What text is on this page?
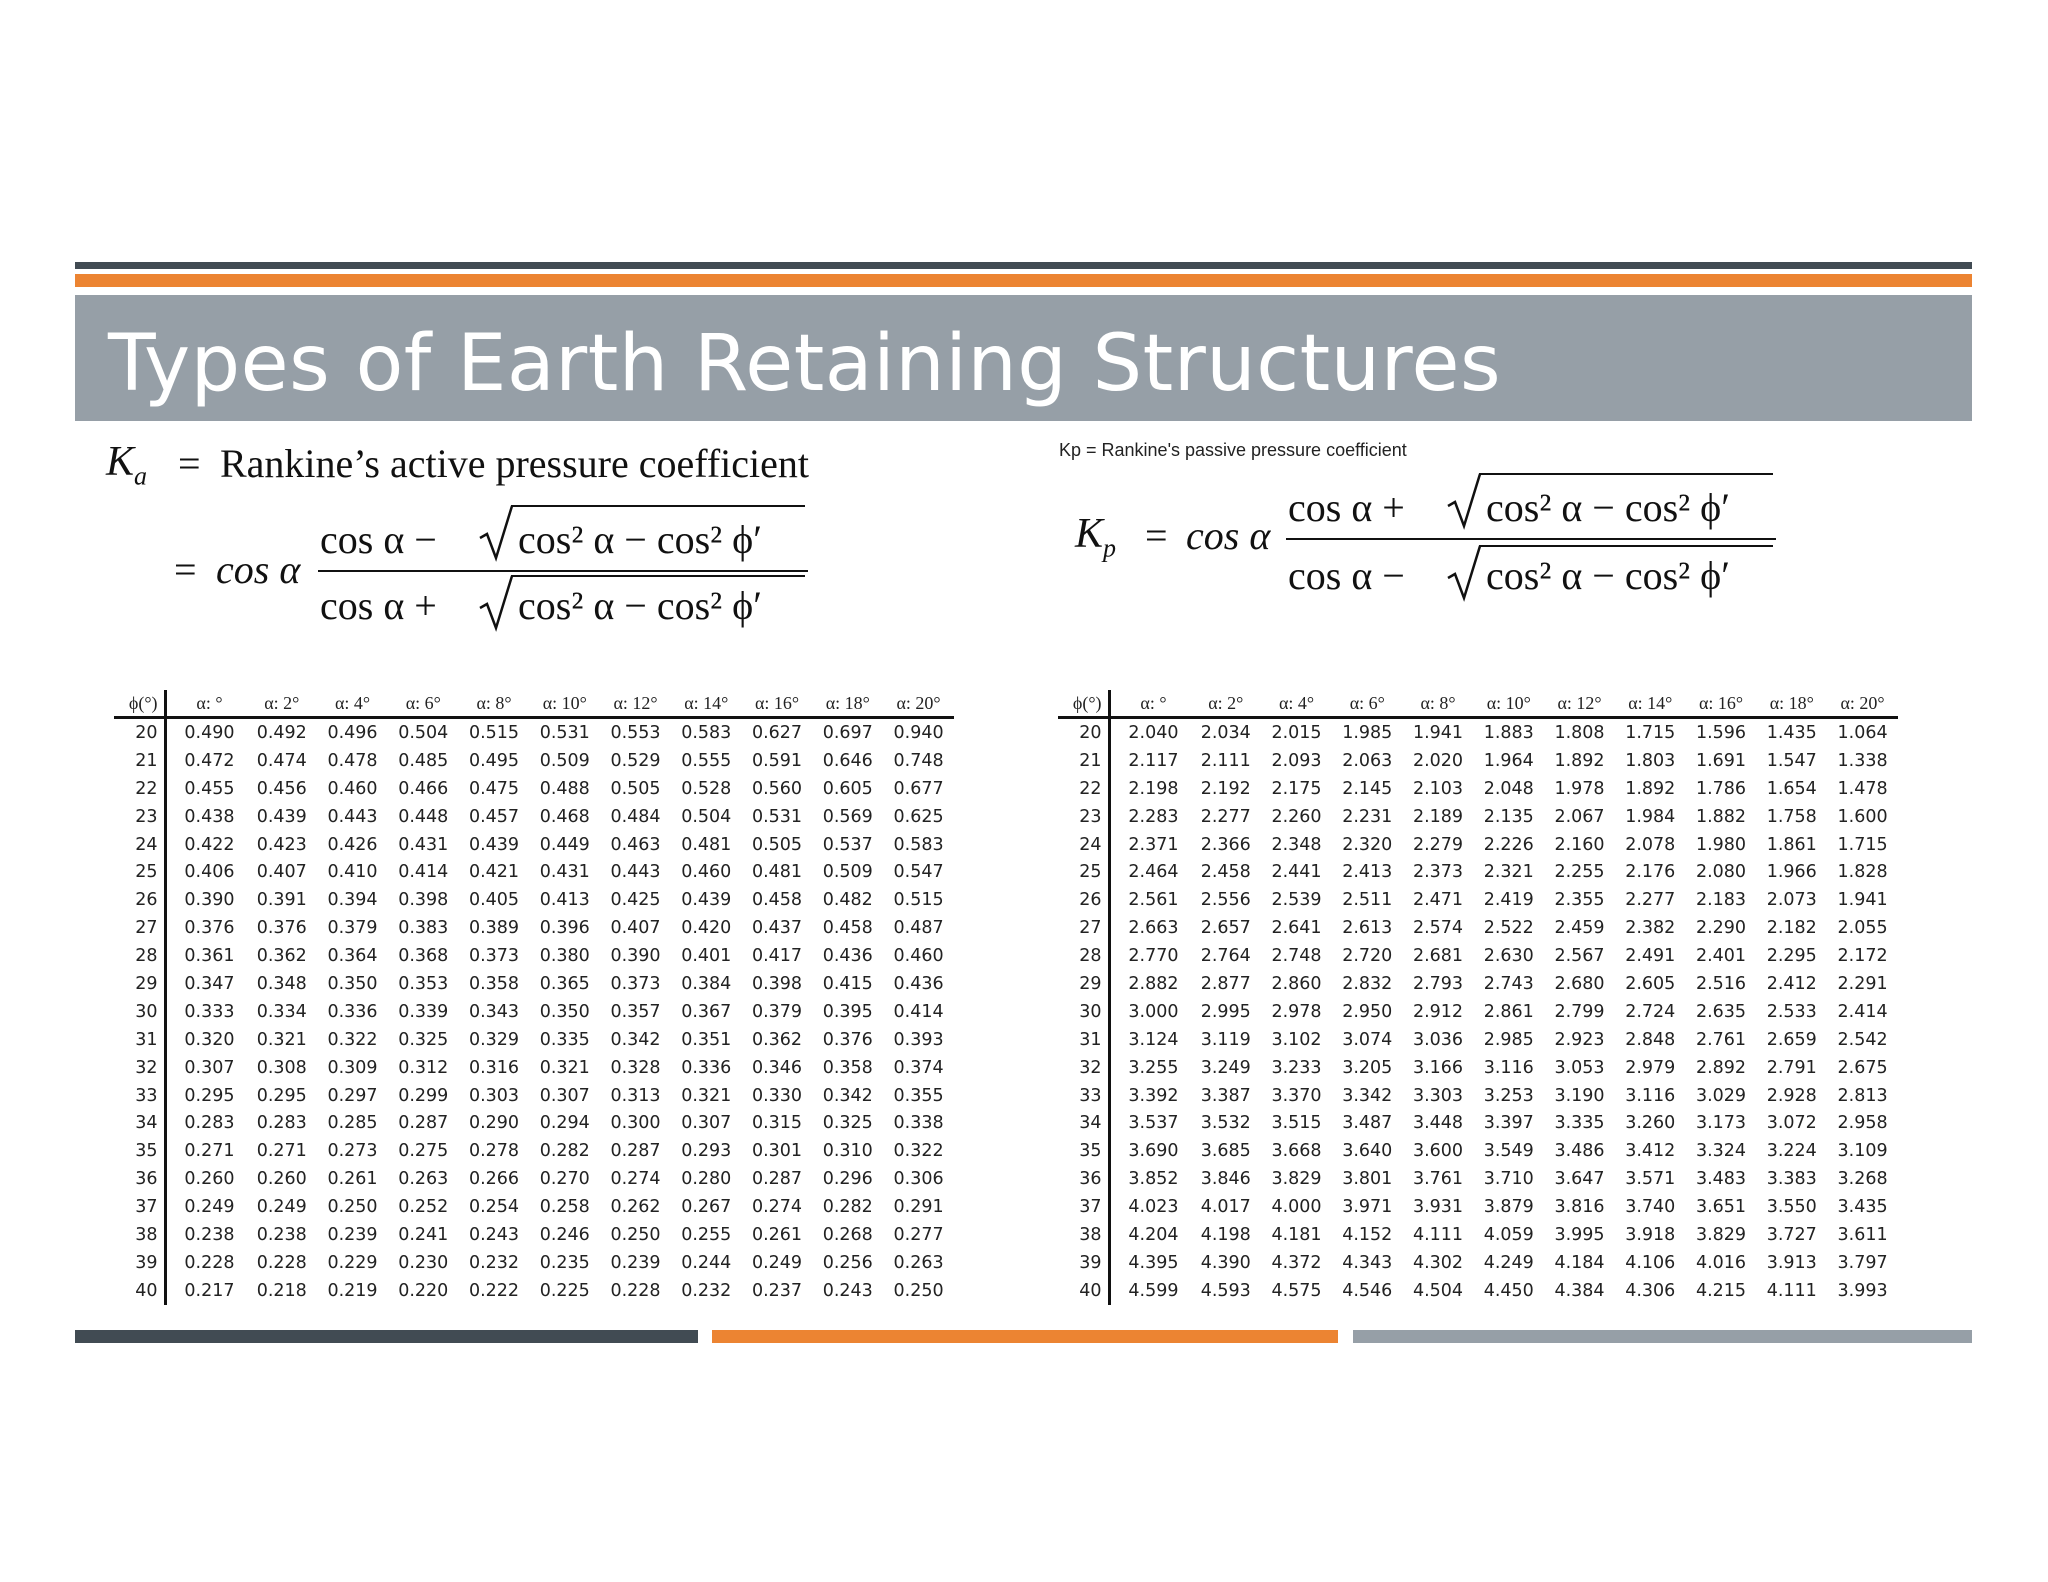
Types of Earth Retaining Structures
$K_a$ = Rankine’s active pressure coefficient
= cos α
cos α − cos² α − cos² ϕ′
cos α + cos² α − cos² ϕ′
Kp = Rankine's passive pressure coefficient
$K_p = \cos \alpha$
cos α + cos² α − cos² ϕ′
cos α − cos² α − cos² ϕ′
ϕ(°)	α: °	α: 2°	α: 4°	α: 6°	α: 8°	α: 10°	α: 12°	α: 14°	α: 16°	α: 18°	α: 20°
20	0.490	0.492	0.496	0.504	0.515	0.531	0.553	0.583	0.627	0.697	0.940
21	0.472	0.474	0.478	0.485	0.495	0.509	0.529	0.555	0.591	0.646	0.748
22	0.455	0.456	0.460	0.466	0.475	0.488	0.505	0.528	0.560	0.605	0.677
23	0.438	0.439	0.443	0.448	0.457	0.468	0.484	0.504	0.531	0.569	0.625
24	0.422	0.423	0.426	0.431	0.439	0.449	0.463	0.481	0.505	0.537	0.583
25	0.406	0.407	0.410	0.414	0.421	0.431	0.443	0.460	0.481	0.509	0.547
26	0.390	0.391	0.394	0.398	0.405	0.413	0.425	0.439	0.458	0.482	0.515
27	0.376	0.376	0.379	0.383	0.389	0.396	0.407	0.420	0.437	0.458	0.487
28	0.361	0.362	0.364	0.368	0.373	0.380	0.390	0.401	0.417	0.436	0.460
29	0.347	0.348	0.350	0.353	0.358	0.365	0.373	0.384	0.398	0.415	0.436
30	0.333	0.334	0.336	0.339	0.343	0.350	0.357	0.367	0.379	0.395	0.414
31	0.320	0.321	0.322	0.325	0.329	0.335	0.342	0.351	0.362	0.376	0.393
32	0.307	0.308	0.309	0.312	0.316	0.321	0.328	0.336	0.346	0.358	0.374
33	0.295	0.295	0.297	0.299	0.303	0.307	0.313	0.321	0.330	0.342	0.355
34	0.283	0.283	0.285	0.287	0.290	0.294	0.300	0.307	0.315	0.325	0.338
35	0.271	0.271	0.273	0.275	0.278	0.282	0.287	0.293	0.301	0.310	0.322
36	0.260	0.260	0.261	0.263	0.266	0.270	0.274	0.280	0.287	0.296	0.306
37	0.249	0.249	0.250	0.252	0.254	0.258	0.262	0.267	0.274	0.282	0.291
38	0.238	0.238	0.239	0.241	0.243	0.246	0.250	0.255	0.261	0.268	0.277
39	0.228	0.228	0.229	0.230	0.232	0.235	0.239	0.244	0.249	0.256	0.263
40	0.217	0.218	0.219	0.220	0.222	0.225	0.228	0.232	0.237	0.243	0.250
ϕ(°)	α: °	α: 2°	α: 4°	α: 6°	α: 8°	α: 10°	α: 12°	α: 14°	α: 16°	α: 18°	α: 20°
20	2.040	2.034	2.015	1.985	1.941	1.883	1.808	1.715	1.596	1.435	1.064
21	2.117	2.111	2.093	2.063	2.020	1.964	1.892	1.803	1.691	1.547	1.338
22	2.198	2.192	2.175	2.145	2.103	2.048	1.978	1.892	1.786	1.654	1.478
23	2.283	2.277	2.260	2.231	2.189	2.135	2.067	1.984	1.882	1.758	1.600
24	2.371	2.366	2.348	2.320	2.279	2.226	2.160	2.078	1.980	1.861	1.715
25	2.464	2.458	2.441	2.413	2.373	2.321	2.255	2.176	2.080	1.966	1.828
26	2.561	2.556	2.539	2.511	2.471	2.419	2.355	2.277	2.183	2.073	1.941
27	2.663	2.657	2.641	2.613	2.574	2.522	2.459	2.382	2.290	2.182	2.055
28	2.770	2.764	2.748	2.720	2.681	2.630	2.567	2.491	2.401	2.295	2.172
29	2.882	2.877	2.860	2.832	2.793	2.743	2.680	2.605	2.516	2.412	2.291
30	3.000	2.995	2.978	2.950	2.912	2.861	2.799	2.724	2.635	2.533	2.414
31	3.124	3.119	3.102	3.074	3.036	2.985	2.923	2.848	2.761	2.659	2.542
32	3.255	3.249	3.233	3.205	3.166	3.116	3.053	2.979	2.892	2.791	2.675
33	3.392	3.387	3.370	3.342	3.303	3.253	3.190	3.116	3.029	2.928	2.813
34	3.537	3.532	3.515	3.487	3.448	3.397	3.335	3.260	3.173	3.072	2.958
35	3.690	3.685	3.668	3.640	3.600	3.549	3.486	3.412	3.324	3.224	3.109
36	3.852	3.846	3.829	3.801	3.761	3.710	3.647	3.571	3.483	3.383	3.268
37	4.023	4.017	4.000	3.971	3.931	3.879	3.816	3.740	3.651	3.550	3.435
38	4.204	4.198	4.181	4.152	4.111	4.059	3.995	3.918	3.829	3.727	3.611
39	4.395	4.390	4.372	4.343	4.302	4.249	4.184	4.106	4.016	3.913	3.797
40	4.599	4.593	4.575	4.546	4.504	4.450	4.384	4.306	4.215	4.111	3.993
